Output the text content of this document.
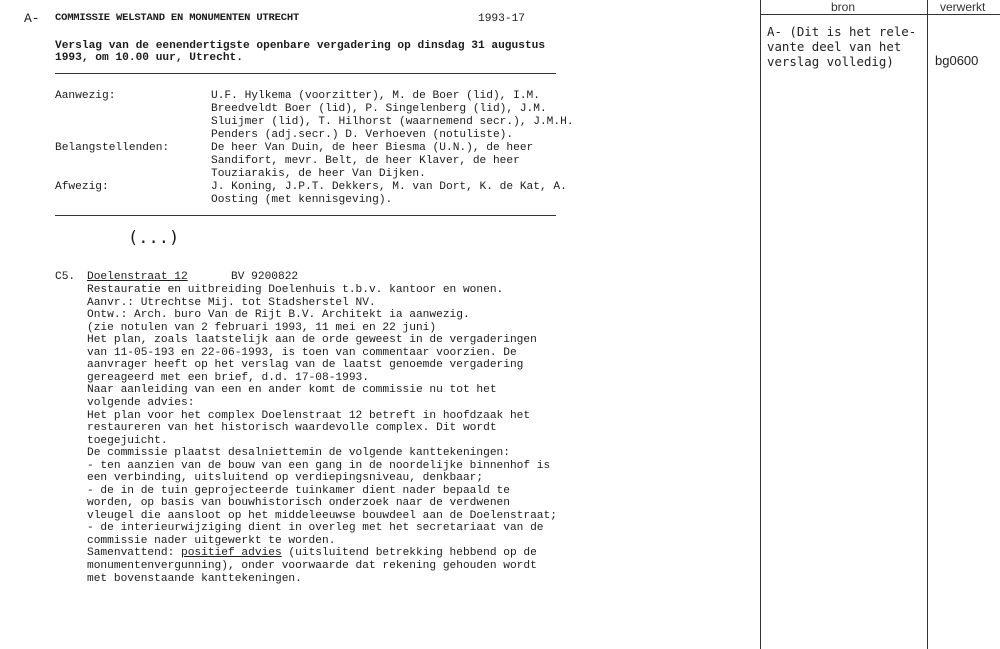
A- COMMISSIE WELSTAND EN MONUMENTEN UTRECHT	1993-17
Verslag van de eenendertigste openbare vergadering op dinsdag 31 augustus
1993, om 10.00 uur, Utrecht.
Aanwezig:	U.F. Hylkema (voorzitter), M. de Boer (lid), I.M.
Breedveldt Boer (lid), P. Singelenberg (lid), J.M.
Sluijmer (lid), T. Hilhorst (waarnemend secr.), J.M.H.
Penders (adj.secr.) D. Verhoeven (notuliste).
Belangstellenden:	De heer Van Duin, de heer Biesma (U.N.), de heer
Sandifort, mevr. Belt, de heer Klaver, de heer
Touziarakis, de heer Van Dijken.
Afwezig:	J. Koning, J.P.T. Dekkers, M. van Dort, K. de Kat, A.
Oosting (met kennisgeving).
(...)
C5. Doelenstraat 12	BV 9200822
Restauratie en uitbreiding Doelenhuis t.b.v. kantoor en wonen.
Aanvr.: Utrechtse Mij. tot Stadsherstel NV.
Ontw.: Arch. buro Van de Rijt B.V. Architekt ia aanwezig.
(zie notulen van 2 februari 1993, 11 mei en 22 juni)
Het plan, zoals laatstelijk aan de orde geweest in de vergaderingen
van 11-05-193 en 22-06-1993, is toen van commentaar voorzien. De
aanvrager heeft op het verslag van de laatst genoemde vergadering
gereageerd met een brief, d.d. 17-08-1993.
Naar aanleiding van een en ander komt de commissie nu tot het
volgende advies:
Het plan voor het complex Doelenstraat 12 betreft in hoofdzaak het
restaureren van het historisch waardevolle complex. Dit wordt
toegejuicht.
De commissie plaatst desalniettemin de volgende kanttekeningen:
- ten aanzien van de bouw van een gang in de noordelijke binnenhof is
een verbinding, uitsluitend op verdiepingsniveau, denkbaar;
- de in de tuin geprojecteerde tuinkamer dient nader bepaald te
worden, op basis van bouwhistorisch onderzoek naar de verdwenen
vleugel die aansloot op het middeleeuwse bouwdeel aan de Doelenstraat;
- de interieurwijziging dient in overleg met het secretariaat van de
commissie nader uitgewerkt te worden.
Samenvattend: positief advies (uitsluitend betrekking hebbend op de
monumentenvergunning), onder voorwaarde dat rekening gehouden wordt
met bovenstaande kanttekeningen.
bron	verwerkt
A- (Dit is het rele-
vante deel van het
verslag volledig)	bg0600
